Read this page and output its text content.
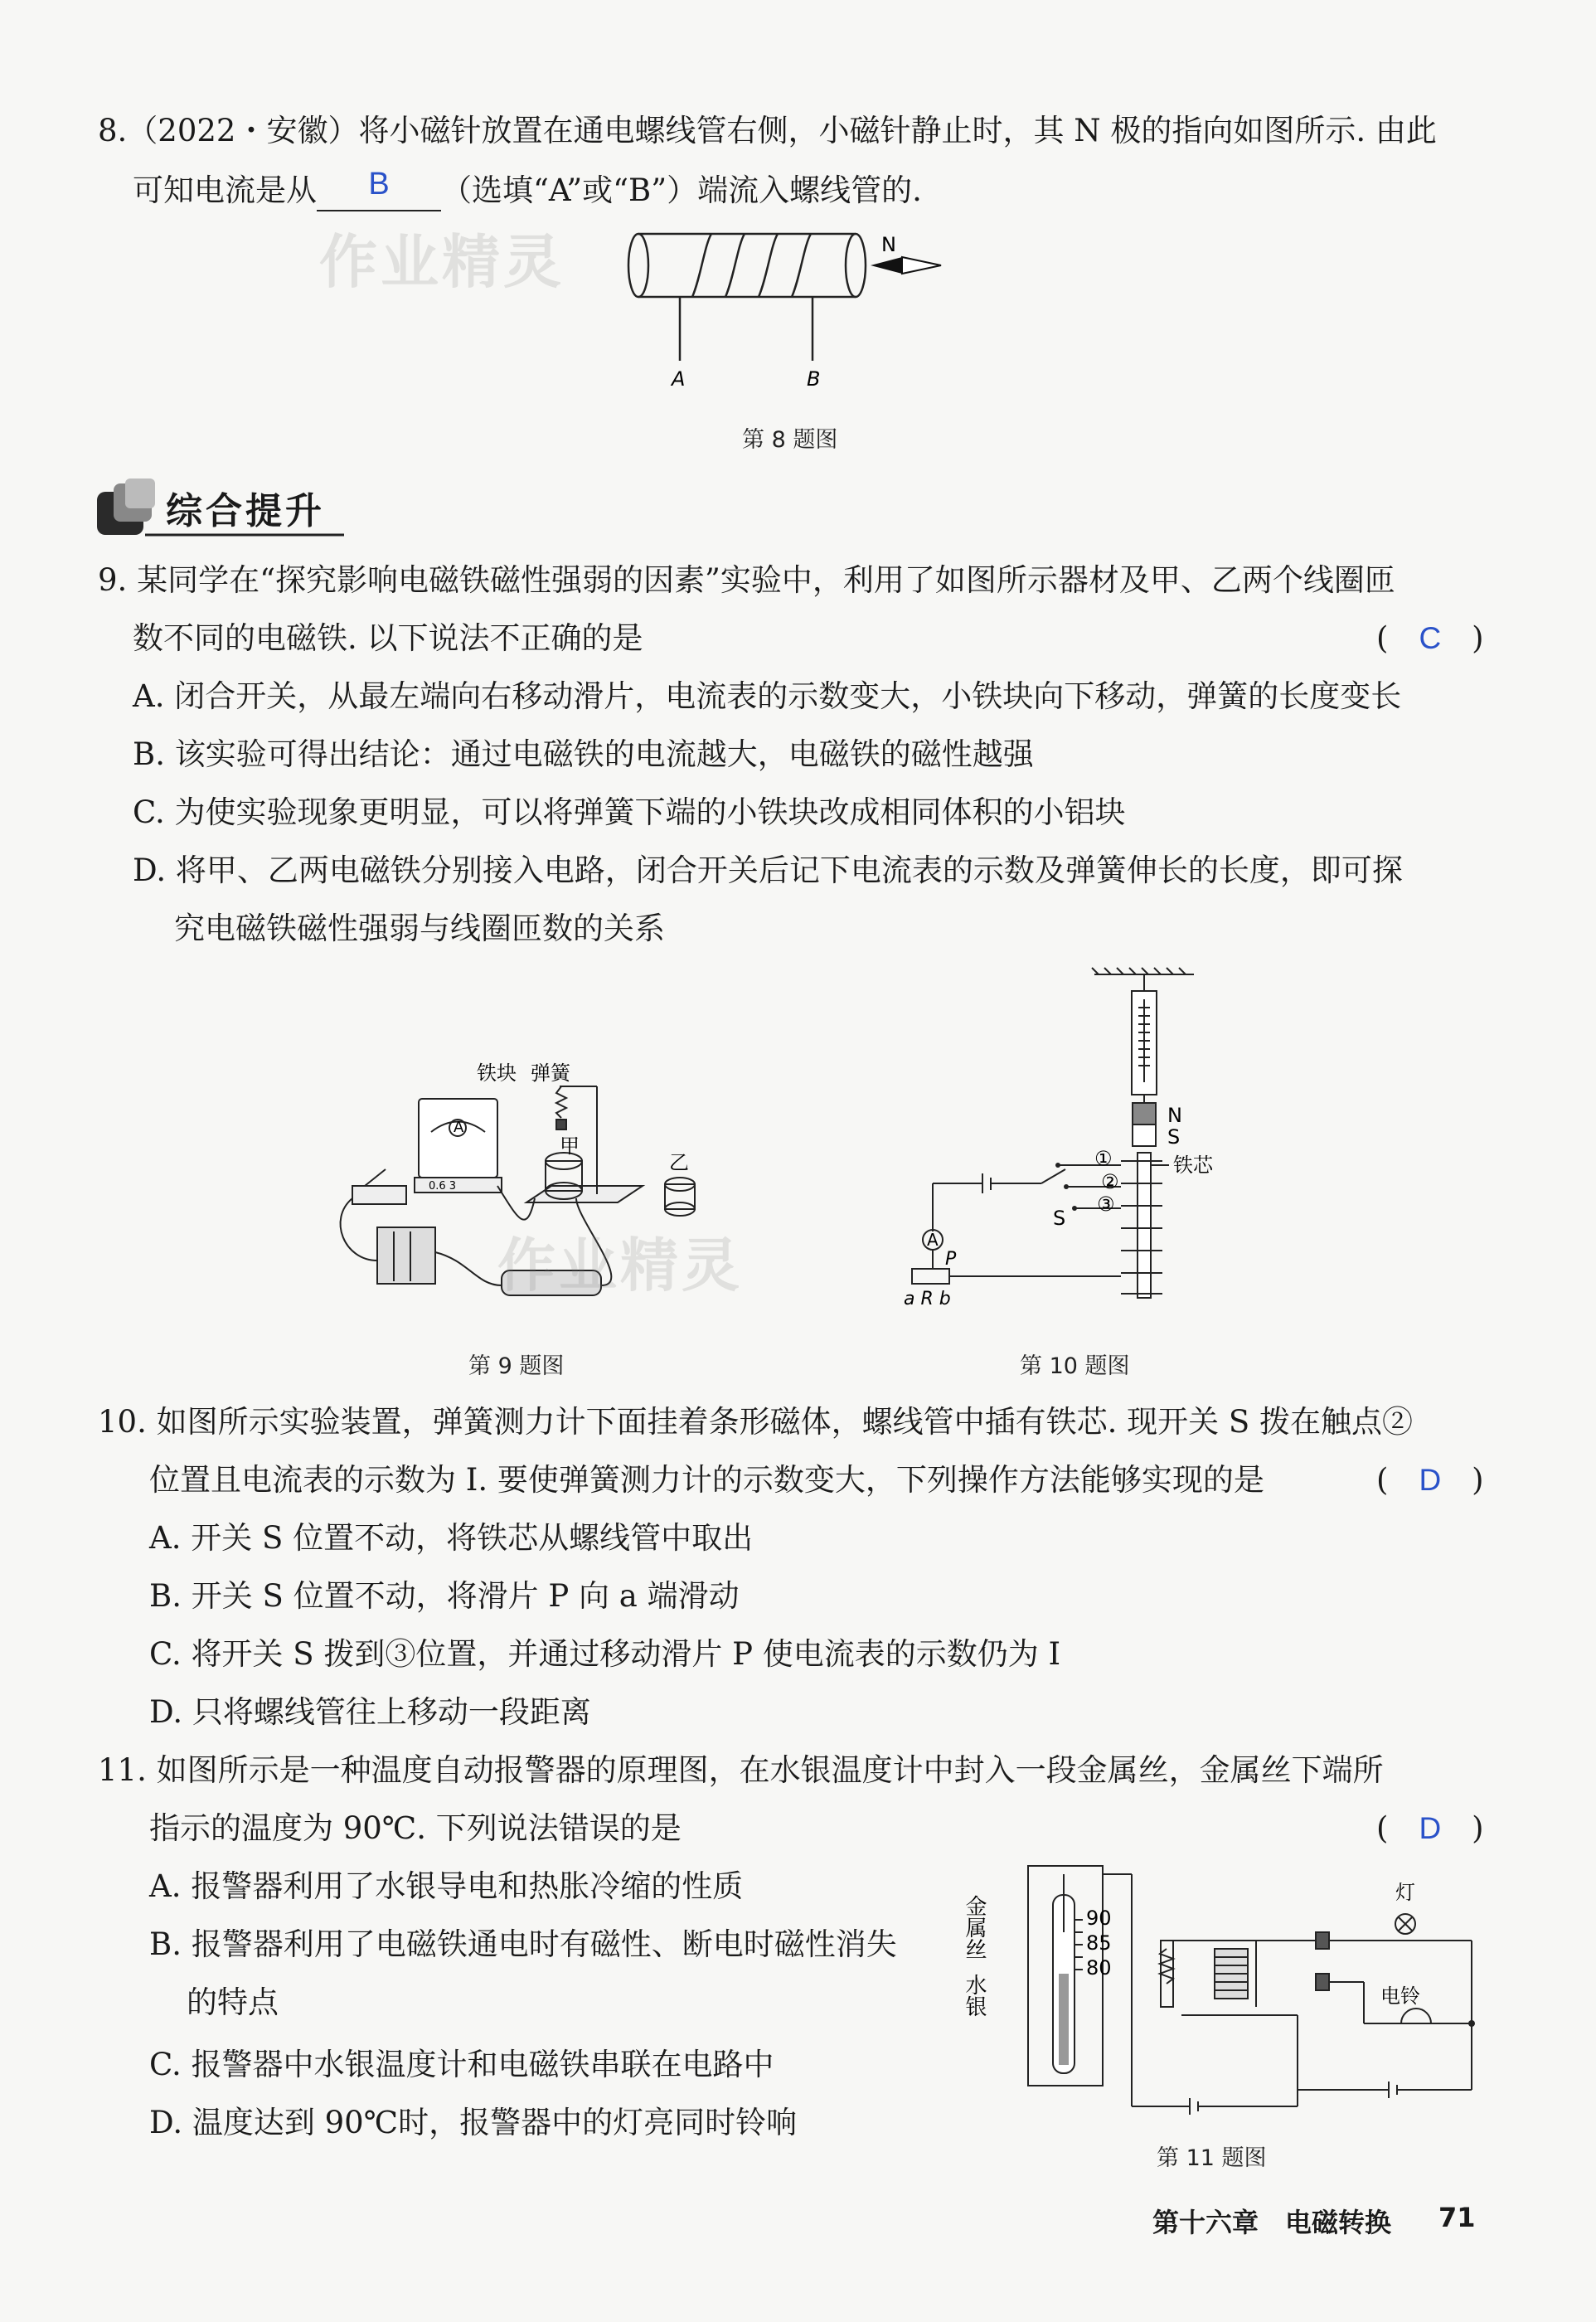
8.（2022・安徽）将小磁针放置在通电螺线管右侧，小磁针静止时，其 N 极的指向如图所示. 由此
可知电流是从	B	（选填“A”或“B”）端流入螺线管的.
作业精灵	N
A	B
第 8 题图
综合提升
9. 某同学在“探究影响电磁铁磁性强弱的因素”实验中，利用了如图所示器材及甲、乙两个线圈匝
数不同的电磁铁. 以下说法不正确的是	(　C　)
A. 闭合开关，从最左端向右移动滑片，电流表的示数变大，小铁块向下移动，弹簧的长度变长
B. 该实验可得出结论：通过电磁铁的电流越大，电磁铁的磁性越强
C. 为使实验现象更明显，可以将弹簧下端的小铁块改成相同体积的小铝块
D. 将甲、乙两电磁铁分别接入电路，闭合开关后记下电流表的示数及弹簧伸长的长度，即可探
究电磁铁磁性强弱与线圈匝数的关系
A
0.6 3
铁块 弹簧
甲
乙
作业精灵
第 9 题图
N
S
铁芯
①
②
③
S
A
P
a R b
第 10 题图
10. 如图所示实验装置，弹簧测力计下面挂着条形磁体，螺线管中插有铁芯. 现开关 S 拨在触点②
位置且电流表的示数为 I. 要使弹簧测力计的示数变大，下列操作方法能够实现的是	(　D　)
A. 开关 S 位置不动，将铁芯从螺线管中取出
B. 开关 S 位置不动，将滑片 P 向 a 端滑动
C. 将开关 S 拨到③位置，并通过移动滑片 P 使电流表的示数仍为 I
D. 只将螺线管往上移动一段距离
11. 如图所示是一种温度自动报警器的原理图，在水银温度计中封入一段金属丝，金属丝下端所
指示的温度为 90℃. 下列说法错误的是	(　D　)
A. 报警器利用了水银导电和热胀冷缩的性质
B. 报警器利用了电磁铁通电时有磁性、断电时磁性消失
的特点
C. 报警器中水银温度计和电磁铁串联在电路中
D. 温度达到 90℃时，报警器中的灯亮同时铃响
金属丝
水银
90
85
80
灯
电铃
第 11 题图
第十六章　电磁转换 71
